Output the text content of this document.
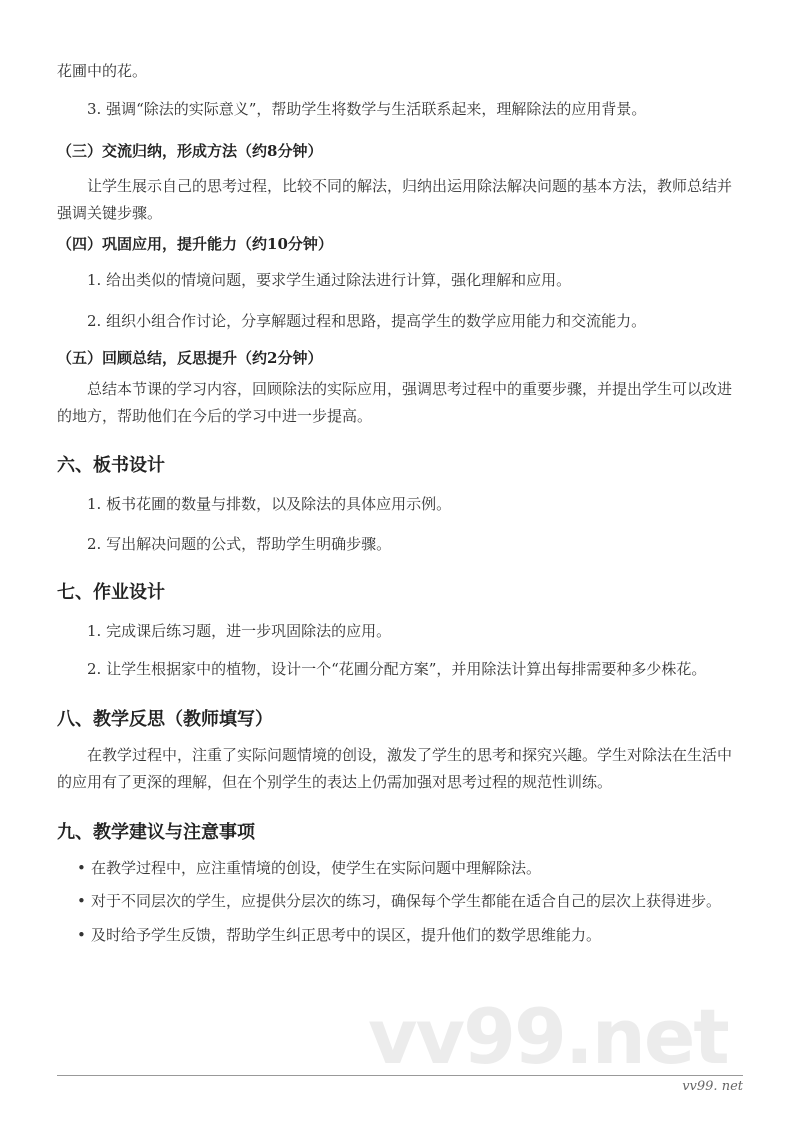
vv99.net
花圃中的花。
3. 强调“除法的实际意义”，帮助学生将数学与生活联系起来，理解除法的应用背景。
（三）交流归纳，形成方法（约8分钟）
让学生展示自己的思考过程，比较不同的解法，归纳出运用除法解决问题的基本方法，教师总结并强调关键步骤。
（四）巩固应用，提升能力（约10分钟）
1. 给出类似的情境问题，要求学生通过除法进行计算，强化理解和应用。
2. 组织小组合作讨论，分享解题过程和思路，提高学生的数学应用能力和交流能力。
（五）回顾总结，反思提升（约2分钟）
总结本节课的学习内容，回顾除法的实际应用，强调思考过程中的重要步骤，并提出学生可以改进的地方，帮助他们在今后的学习中进一步提高。
六、板书设计
1. 板书花圃的数量与排数，以及除法的具体应用示例。
2. 写出解决问题的公式，帮助学生明确步骤。
七、作业设计
1. 完成课后练习题，进一步巩固除法的应用。
2. 让学生根据家中的植物，设计一个“花圃分配方案”，并用除法计算出每排需要种多少株花。
八、教学反思（教师填写）
在教学过程中，注重了实际问题情境的创设，激发了学生的思考和探究兴趣。学生对除法在生活中的应用有了更深的理解，但在个别学生的表达上仍需加强对思考过程的规范性训练。
九、教学建议与注意事项
• 在教学过程中，应注重情境的创设，使学生在实际问题中理解除法。
• 对于不同层次的学生，应提供分层次的练习，确保每个学生都能在适合自己的层次上获得进步。
• 及时给予学生反馈，帮助学生纠正思考中的误区，提升他们的数学思维能力。
vv99. net
